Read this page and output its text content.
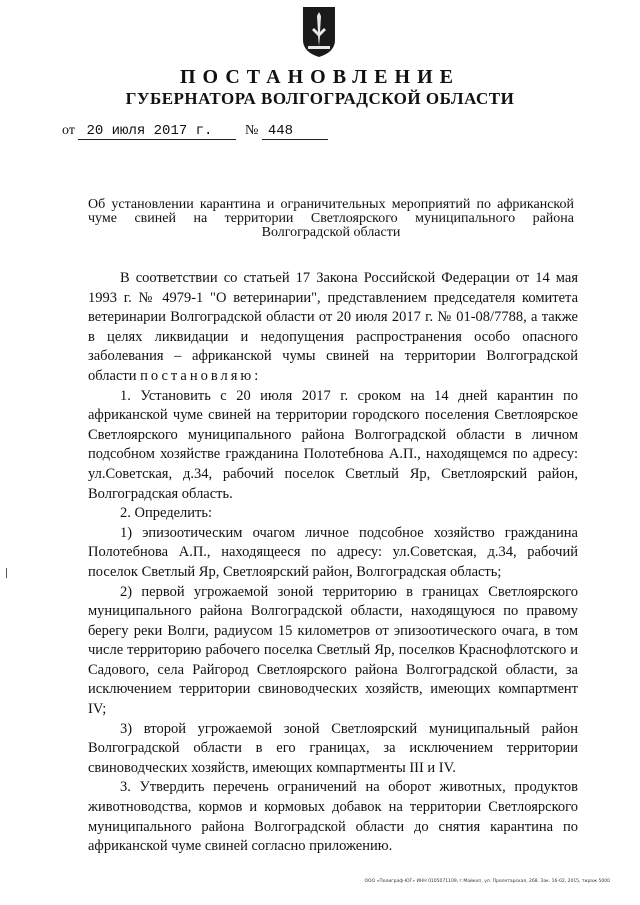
ПОСТАНОВЛЕНИЕ
ГУБЕРНАТОРА ВОЛГОГРАДСКОЙ ОБЛАСТИ
от 20 июля 2017 г.	№ 448
Об установлении карантина и ограничительных мероприятий по африканской чуме свиней на территории Светлоярского муниципального района Волгоградской области

В соответствии со статьей 17 Закона Российской Федерации от 14 мая 1993 г. № 4979-1 "О ветеринарии", представлением председателя комитета ветеринарии Волгоградской области от 20 июля 2017 г. № 01-08/7788, а также в целях ликвидации и недопущения распространения особо опасного заболевания – африканской чумы свиней на территории Волгоградской области постановляю:

1. Установить с 20 июля 2017 г. сроком на 14 дней карантин по африканской чуме свиней на территории городского поселения Светлоярское Светлоярского муниципального района Волгоградской области в личном подсобном хозяйстве гражданина Полотебнова А.П., находящемся по адресу: ул.Советская, д.34, рабочий поселок Светлый Яр, Светлоярский район, Волгоградская область.

2. Определить:

1) эпизоотическим очагом личное подсобное хозяйство гражданина Полотебнова А.П., находящееся по адресу: ул.Советская, д.34, рабочий поселок Светлый Яр, Светлоярский район, Волгоградская область;

2) первой угрожаемой зоной территорию в границах Светлоярского муниципального района Волгоградской области, находящуюся по правому берегу реки Волги, радиусом 15 километров от эпизоотического очага, в том числе территорию рабочего поселка Светлый Яр, поселков Краснофлотского и Садового, села Райгород Светлоярского района Волгоградской области, за исключением территории свиноводческих хозяйств, имеющих компартмент IV;

3) второй угрожаемой зоной Светлоярский муниципальный район Волгоградской области в его границах, за исключением территории свиноводческих хозяйств, имеющих компартменты III и IV.

3. Утвердить перечень ограничений на оборот животных, продуктов животноводства, кормов и кормовых добавок на территории Светлоярского муниципального района Волгоградской области до снятия карантина по африканской чуме свиней согласно приложению.

ООО «Полиграф-ЮГ» ИНН 0105071109, г.Майкоп, ул. Пролетарская, 268. Зак. 16-02, 2015, тираж 5000
